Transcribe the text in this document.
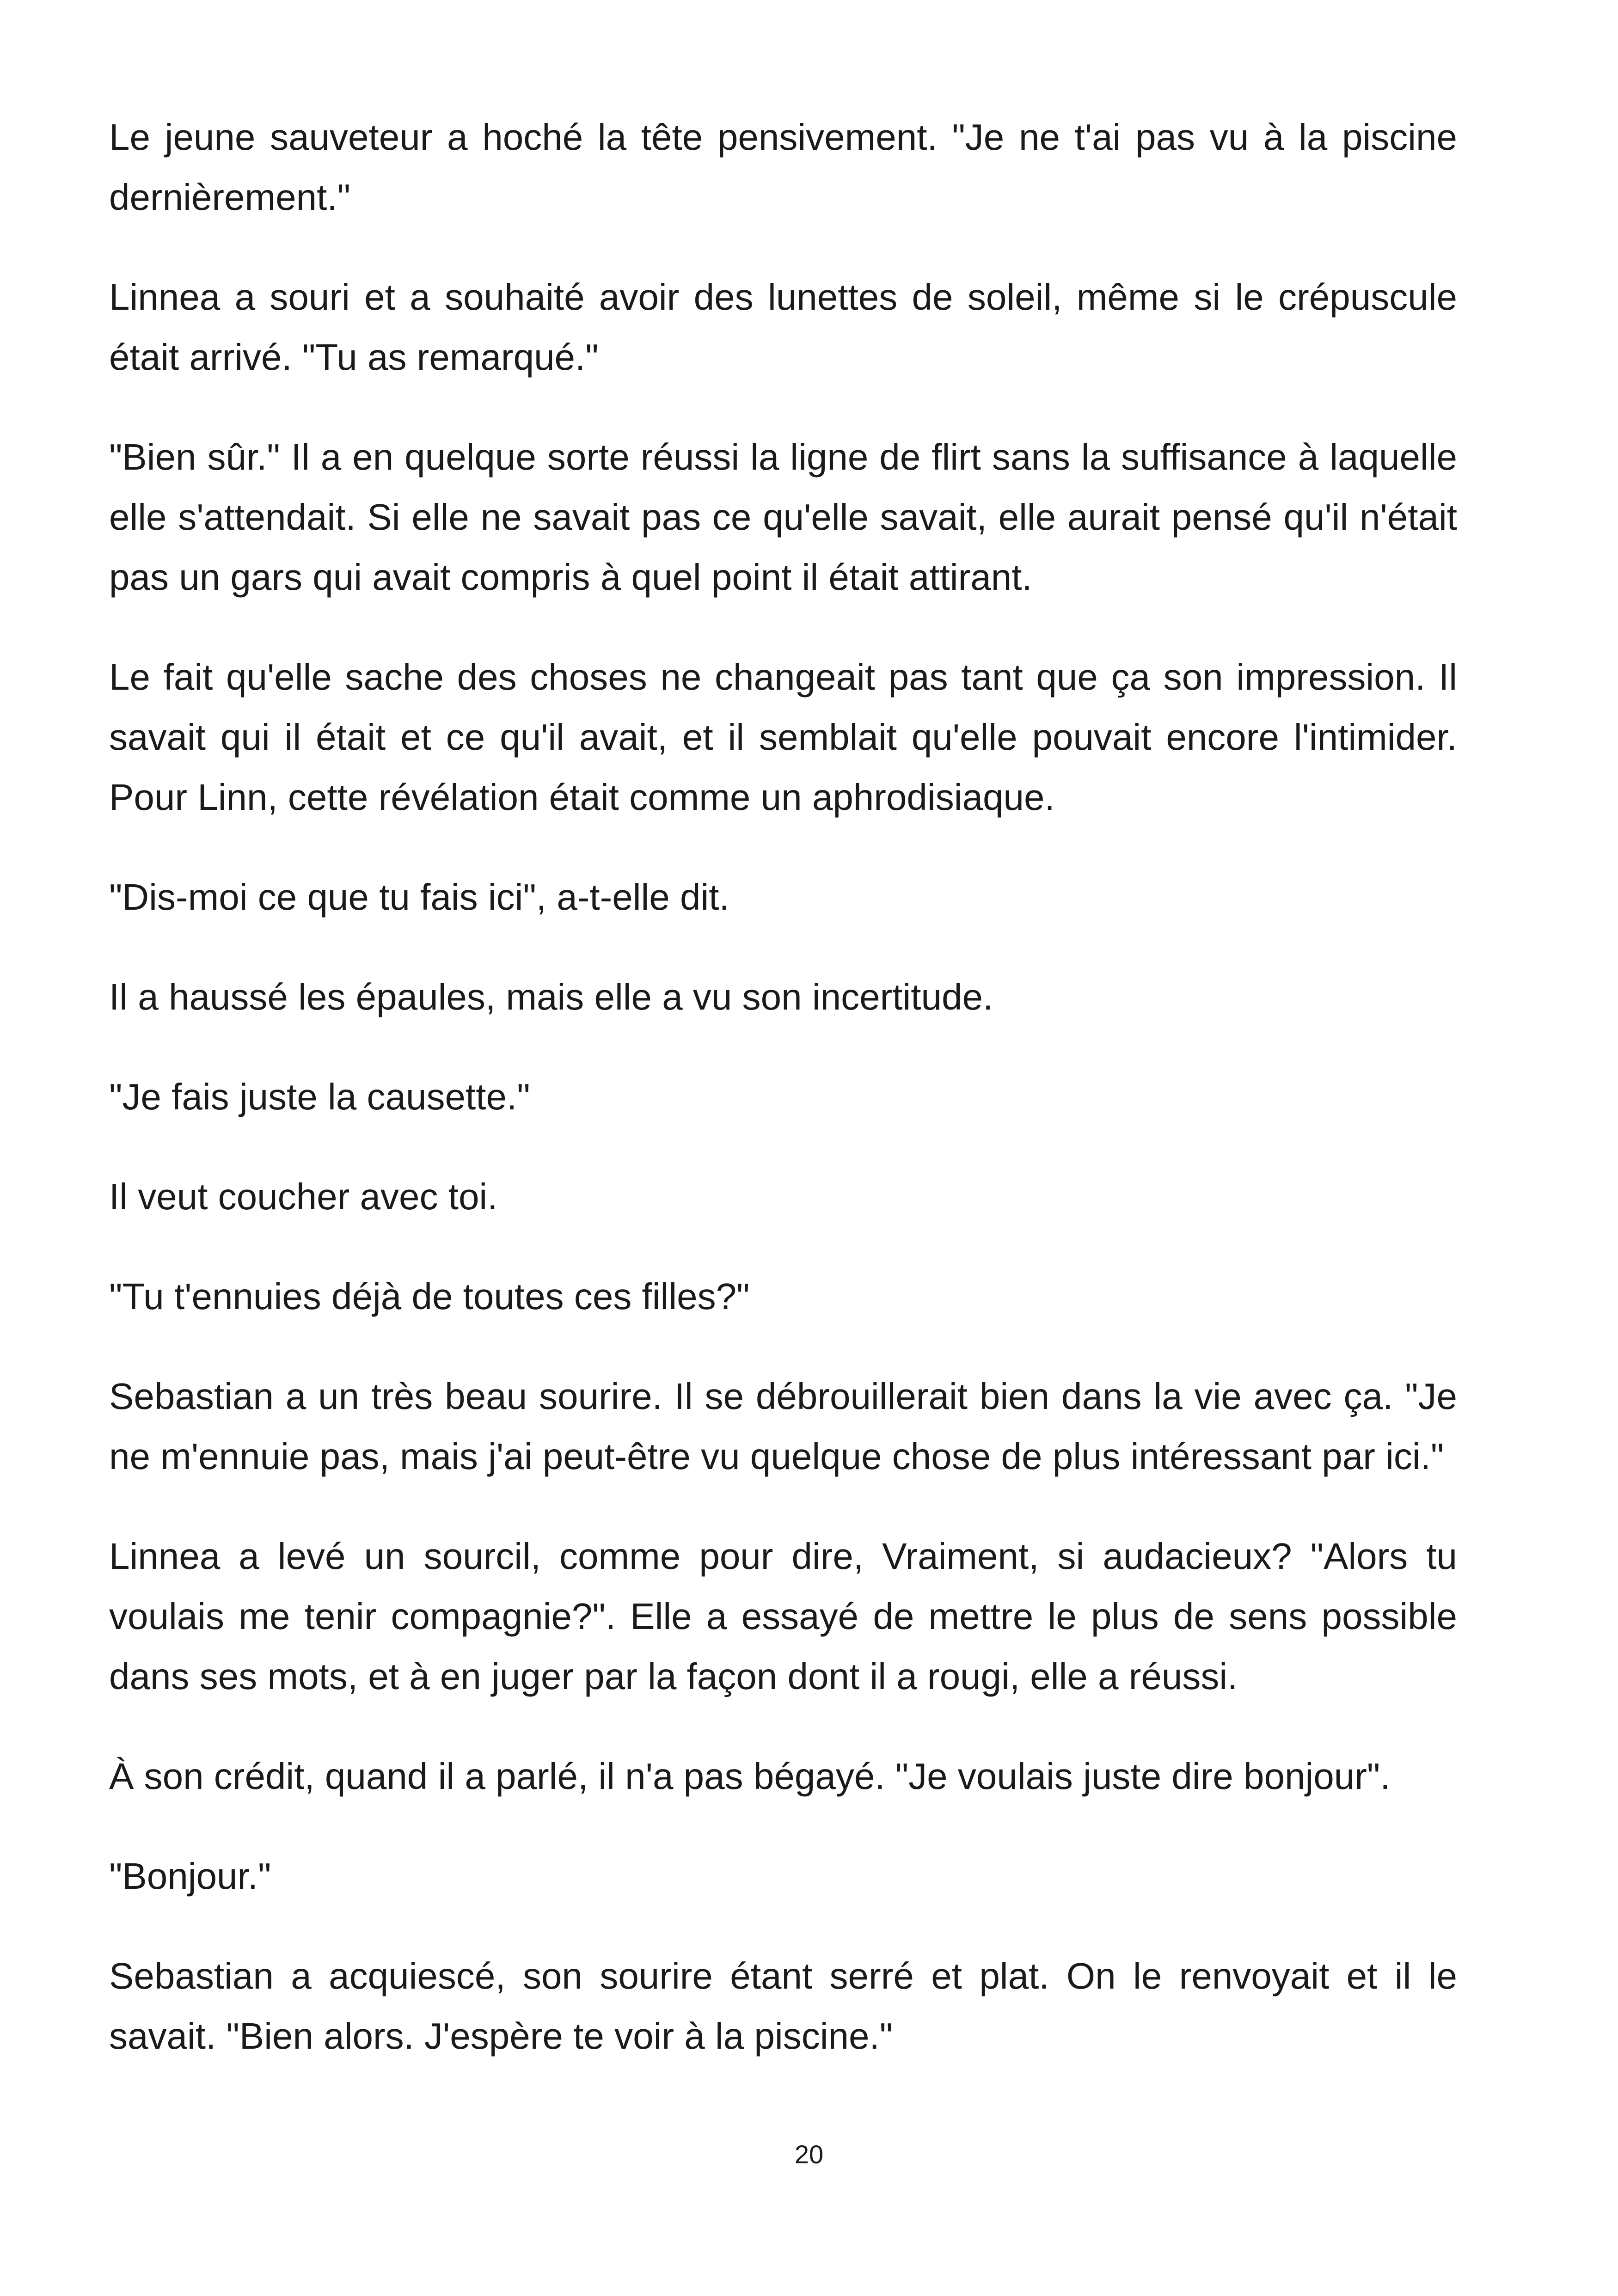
Le jeune sauveteur a hoché la tête pensivement. "Je ne t'ai pas vu à la piscine dernièrement."

Linnea a souri et a souhaité avoir des lunettes de soleil, même si le crépuscule était arrivé. "Tu as remarqué."

"Bien sûr." Il a en quelque sorte réussi la ligne de flirt sans la suffisance à laquelle elle s'attendait. Si elle ne savait pas ce qu'elle savait, elle aurait pensé qu'il n'était pas un gars qui avait compris à quel point il était attirant.

Le fait qu'elle sache des choses ne changeait pas tant que ça son impression. Il savait qui il était et ce qu'il avait, et il semblait qu'elle pouvait encore l'intimider. Pour Linn, cette révélation était comme un aphrodisiaque.

"Dis-moi ce que tu fais ici", a-t-elle dit.

Il a haussé les épaules, mais elle a vu son incertitude.

"Je fais juste la causette."

Il veut coucher avec toi.

"Tu t'ennuies déjà de toutes ces filles?"

Sebastian a un très beau sourire. Il se débrouillerait bien dans la vie avec ça. "Je ne m'ennuie pas, mais j'ai peut-être vu quelque chose de plus intéressant par ici."

Linnea a levé un sourcil, comme pour dire, Vraiment, si audacieux? "Alors tu voulais me tenir compagnie?". Elle a essayé de mettre le plus de sens possible dans ses mots, et à en juger par la façon dont il a rougi, elle a réussi.

À son crédit, quand il a parlé, il n'a pas bégayé. "Je voulais juste dire bonjour".

"Bonjour."

Sebastian a acquiescé, son sourire étant serré et plat. On le renvoyait et il le savait. "Bien alors. J'espère te voir à la piscine."

20
